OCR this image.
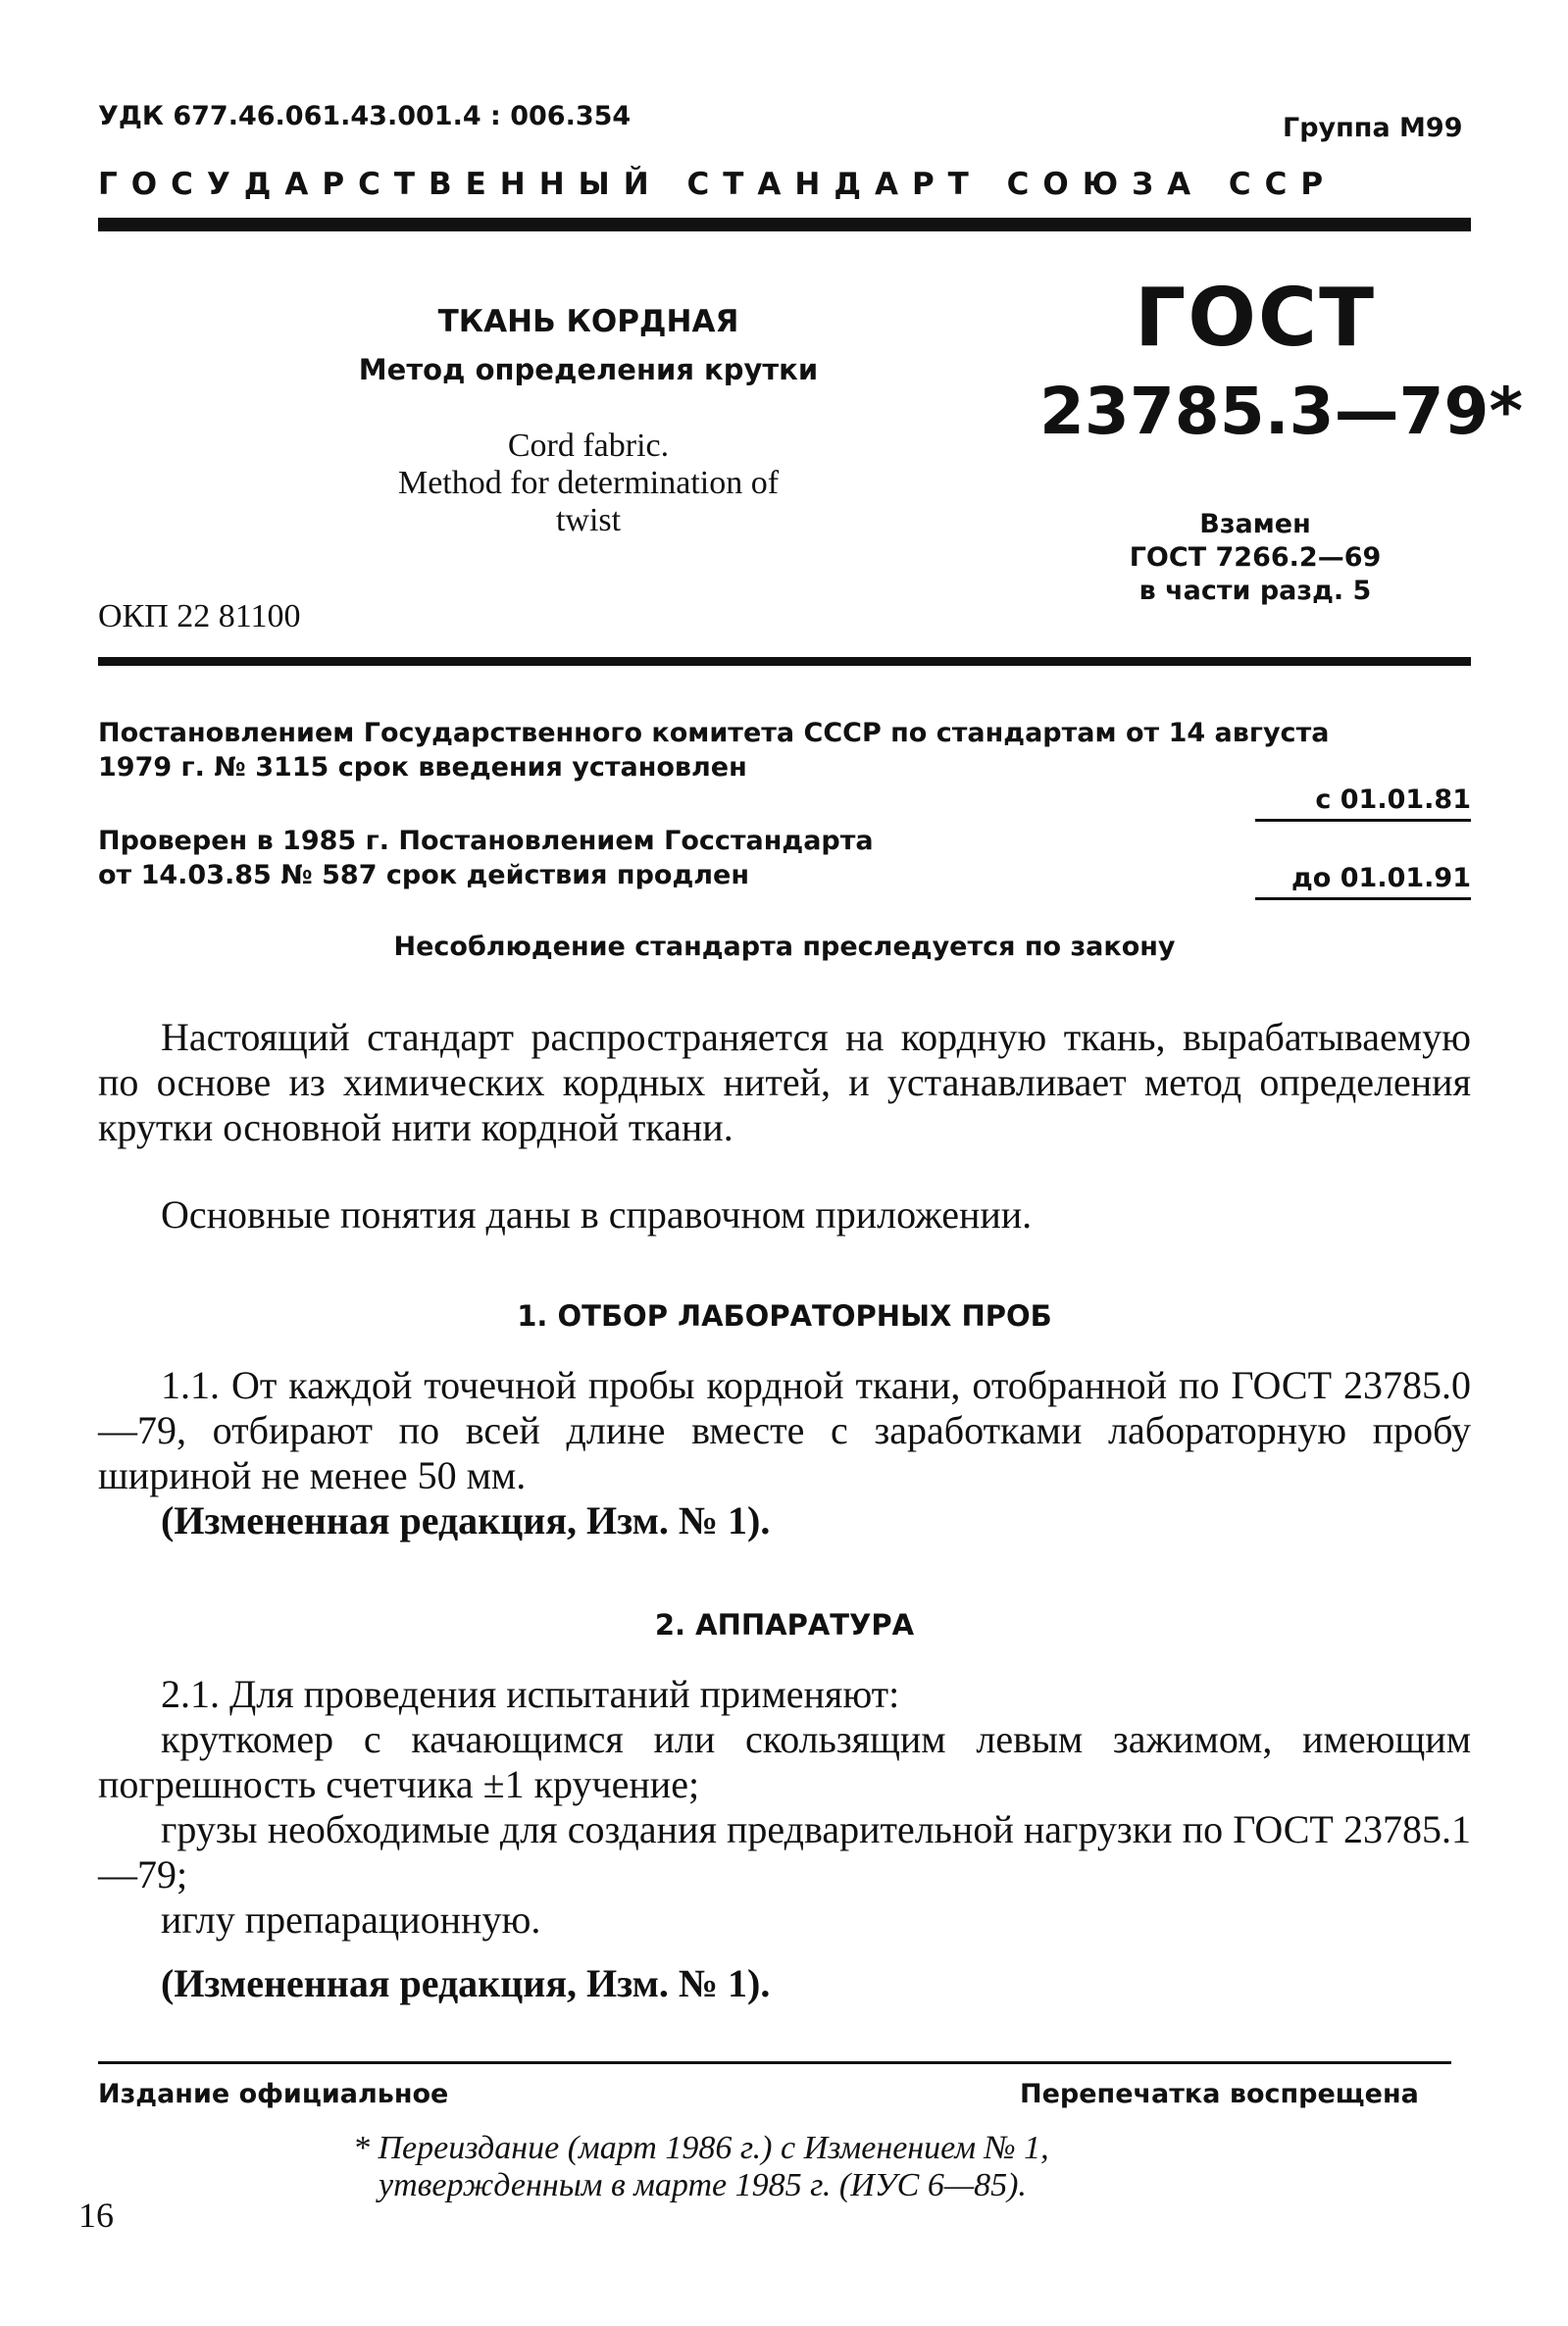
УДК 677.46.061.43.001.4 : 006.354	Группа М99
ГОСУДАРСТВЕННЫЙ СТАНДАРТ СОЮЗА ССР
ТКАНЬ КОРДНАЯ
Метод определения крутки
Cord fabric.
Method for determination of
twist
ОКП 22 81100
ГОСТ
23785.3—79*
Взамен
ГОСТ 7266.2—69
в части разд. 5
Постановлением Государственного комитета СССР по стандартам от 14 августа
1979 г. № 3115 срок введения установлен
с 01.01.81
Проверен в 1985 г. Постановлением Госстандарта
от 14.03.85 № 587 срок действия продлен	до 01.01.91
Несоблюдение стандарта преследуется по закону
Настоящий стандарт распространяется на кордную ткань, вырабатываемую по основе из химических кордных нитей, и устанавливает метод определения крутки основной нити кордной ткани.
Основные понятия даны в справочном приложении.
1. ОТБОР ЛАБОРАТОРНЫХ ПРОБ
1.1. От каждой точечной пробы кордной ткани, отобранной по ГОСТ 23785.0—79, отбирают по всей длине вместе с заработками лабораторную пробу шириной не менее 50 мм.
(Измененная редакция, Изм. № 1).
2. АППАРАТУРА
2.1. Для проведения испытаний применяют:
круткомер с качающимся или скользящим левым зажимом, имеющим погрешность счетчика ±1 кручение;
грузы необходимые для создания предварительной нагрузки по ГОСТ 23785.1—79;
иглу препарационную.
(Измененная редакция, Изм. № 1).
Издание официальное	Перепечатка воспрещена
* Переиздание (март 1986 г.) с Изменением № 1,
утвержденным в марте 1985 г. (ИУС 6—85).
16
